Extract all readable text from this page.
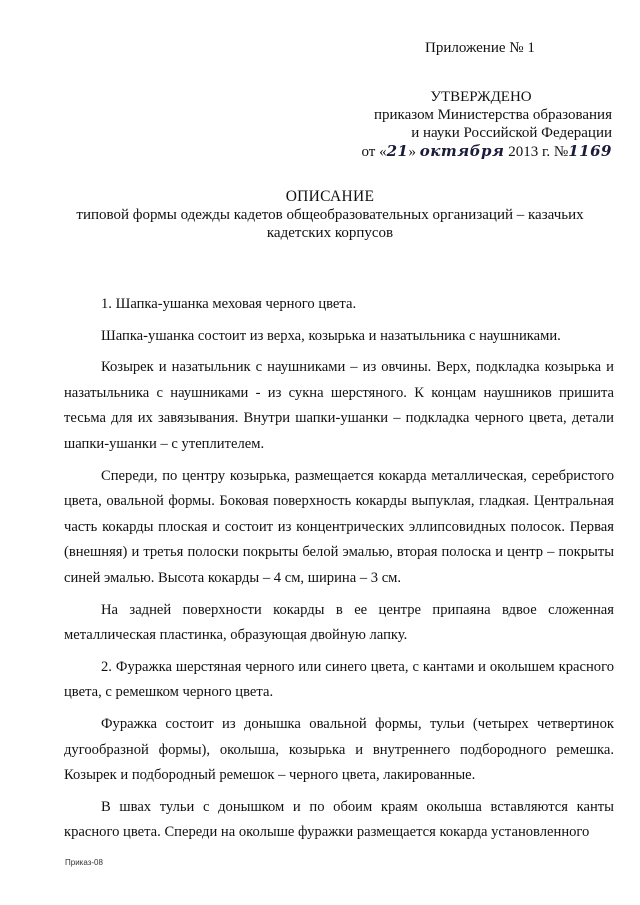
Приложение № 1
УТВЕРЖДЕНО
приказом Министерства образования
и науки Российской Федерации
от «21» октября 2013 г. №1169
ОПИСАНИЕ
типовой формы одежды кадетов общеобразовательных организаций – казачьих
кадетских корпусов

1. Шапка-ушанка меховая черного цвета.

Шапка-ушанка состоит из верха, козырька и назатыльника с наушниками.

Козырек и назатыльник с наушниками – из овчины. Верх, подкладка козырька и назатыльника с наушниками - из сукна шерстяного. К концам наушников пришита тесьма для их завязывания. Внутри шапки-ушанки – подкладка черного цвета, детали шапки-ушанки – с утеплителем.

Спереди, по центру козырька, размещается кокарда металлическая, серебристого цвета, овальной формы. Боковая поверхность кокарды выпуклая, гладкая. Центральная часть кокарды плоская и состоит из концентрических эллипсовидных полосок. Первая (внешняя) и третья полоски покрыты белой эмалью, вторая полоска и центр – покрыты синей эмалью. Высота кокарды – 4 см, ширина – 3 см.

На задней поверхности кокарды в ее центре припаяна вдвое сложенная металлическая пластинка, образующая двойную лапку.

2. Фуражка шерстяная черного или синего цвета, с кантами и околышем красного цвета, с ремешком черного цвета.

Фуражка состоит из донышка овальной формы, тульи (четырех четвертинок дугообразной формы), околыша, козырька и внутреннего подбородного ремешка. Козырек и подбородный ремешок – черного цвета, лакированные.

В швах тульи с донышком и по обоим краям околыша вставляются канты красного цвета. Спереди на околыше фуражки размещается кокарда установленного

Приказ-08
